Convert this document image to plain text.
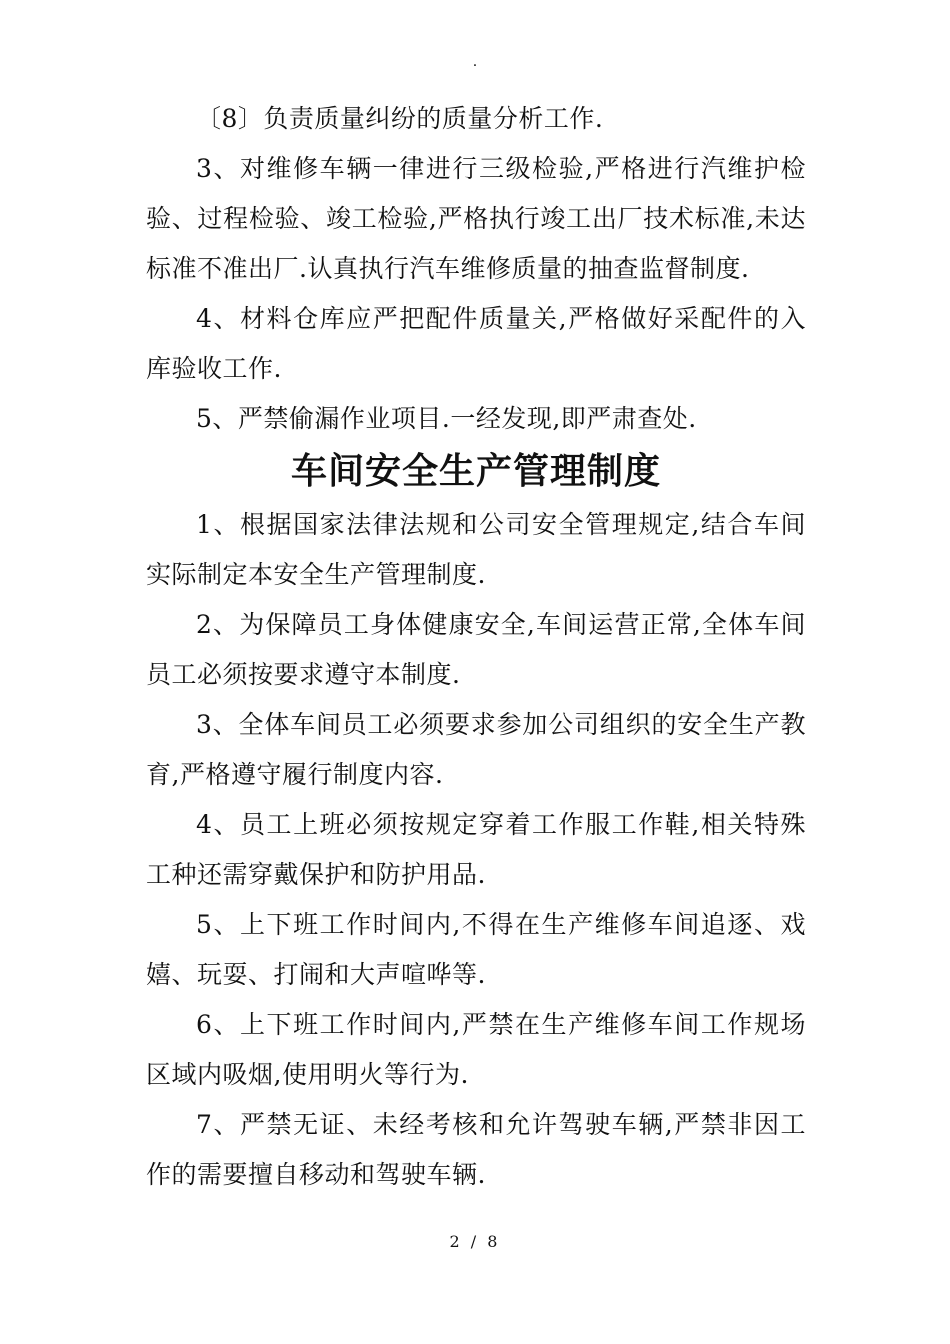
.

〔8〕负责质量纠纷的质量分析工作.

3、对维修车辆一律进行三级检验,严格进行汽维护检验、过程检验、竣工检验,严格执行竣工出厂技术标准,未达标准不准出厂.认真执行汽车维修质量的抽查监督制度.

4、材料仓库应严把配件质量关,严格做好采配件的入库验收工作.

5、严禁偷漏作业项目.一经发现,即严肃查处.

车间安全生产管理制度

1、根据国家法律法规和公司安全管理规定,结合车间实际制定本安全生产管理制度.

2、为保障员工身体健康安全,车间运营正常,全体车间员工必须按要求遵守本制度.

3、全体车间员工必须要求参加公司组织的安全生产教育,严格遵守履行制度内容.

4、员工上班必须按规定穿着工作服工作鞋,相关特殊工种还需穿戴保护和防护用品.

5、上下班工作时间内,不得在生产维修车间追逐、戏嬉、玩耍、打闹和大声喧哗等.

6、上下班工作时间内,严禁在生产维修车间工作规场区域内吸烟,使用明火等行为.

7、严禁无证、未经考核和允许驾驶车辆,严禁非因工作的需要擅自移动和驾驶车辆.

2 / 8
